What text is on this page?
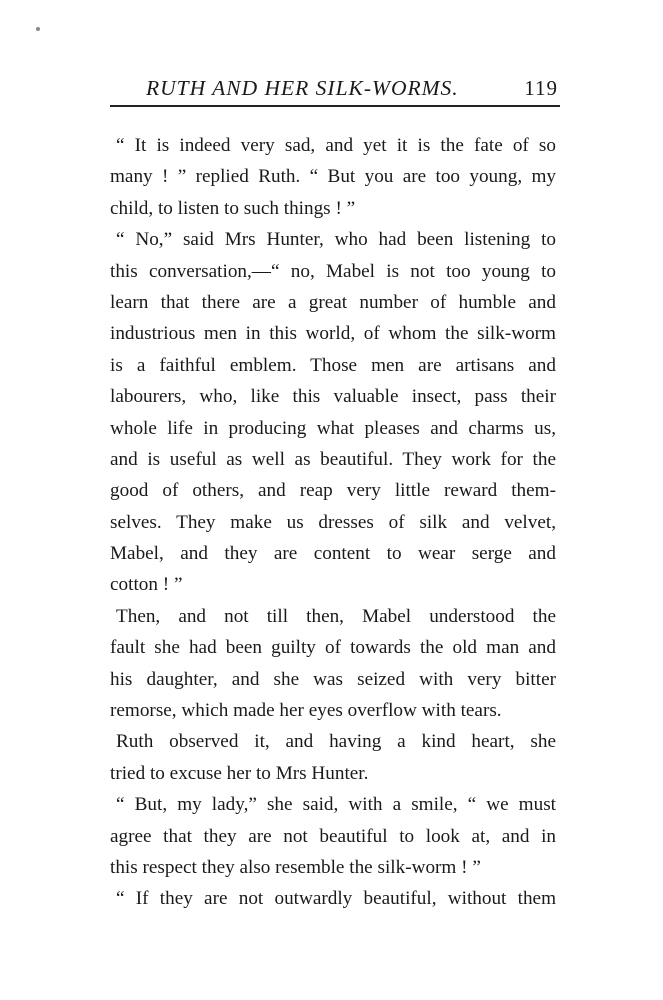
RUTH AND HER SILK-WORMS.	119
“ It is indeed very sad, and yet it is the fate of so
many ! ” replied Ruth. “ But you are too young, my
child, to listen to such things ! ”
“ No,” said Mrs Hunter, who had been listening to
this conversation,—“ no, Mabel is not too young to
learn that there are a great number of humble and
industrious men in this world, of whom the silk-worm
is a faithful emblem. Those men are artisans and
labourers, who, like this valuable insect, pass their
whole life in producing what pleases and charms us,
and is useful as well as beautiful. They work for the
good of others, and reap very little reward them-
selves. They make us dresses of silk and velvet,
Mabel, and they are content to wear serge and
cotton ! ”
Then, and not till then, Mabel understood the
fault she had been guilty of towards the old man and
his daughter, and she was seized with very bitter
remorse, which made her eyes overflow with tears.
Ruth observed it, and having a kind heart, she
tried to excuse her to Mrs Hunter.
“ But, my lady,” she said, with a smile, “ we must
agree that they are not beautiful to look at, and in
this respect they also resemble the silk-worm ! ”
“ If they are not outwardly beautiful, without them
